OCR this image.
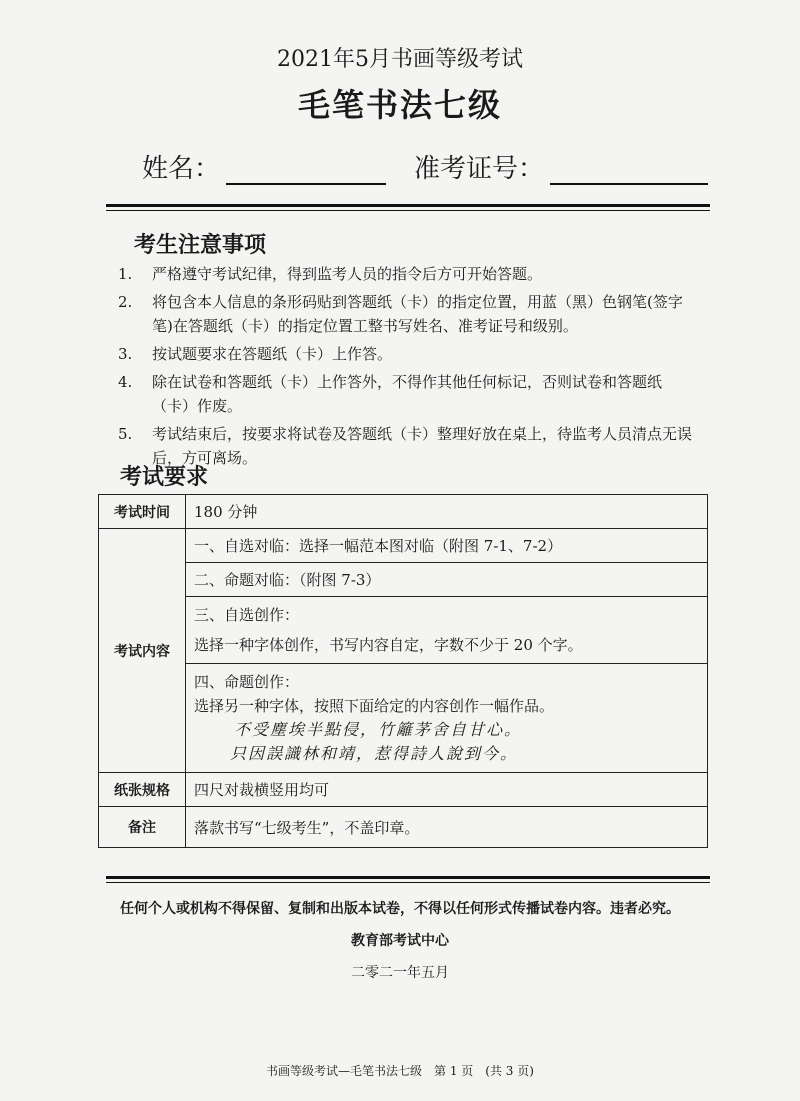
2021年5月书画等级考试
毛笔书法七级
姓名：	准考证号：
考生注意事项
1. 严格遵守考试纪律，得到监考人员的指令后方可开始答题。
2. 将包含本人信息的条形码贴到答题纸（卡）的指定位置，用蓝（黑）色钢笔(签字笔)在答题纸（卡）的指定位置工整书写姓名、准考证号和级别。
3. 按试题要求在答题纸（卡）上作答。
4. 除在试卷和答题纸（卡）上作答外，不得作其他任何标记，否则试卷和答题纸（卡）作废。
5. 考试结束后，按要求将试卷及答题纸（卡）整理好放在桌上，待监考人员清点无误后，方可离场。
考试要求
考试时间	180 分钟
考试内容	一、自选对临：选择一幅范本图对临（附图 7-1、7-2）
	二、命题对临：（附图 7-3）

	三、自选创作：
选择一种字体创作，书写内容自定，字数不少于 20 个字。

	四、命题创作：
选择另一种字体，按照下面给定的内容创作一幅作品。
不受塵埃半點侵，竹籬茅舍自甘心。
只因誤識林和靖，惹得詩人說到今。

纸张规格	四尺对裁横竖用均可
备注	落款书写“七级考生”，不盖印章。
任何个人或机构不得保留、复制和出版本试卷，不得以任何形式传播试卷内容。违者必究。
教育部考试中心
二零二一年五月
书画等级考试—毛笔书法七级　第 1 页　(共 3 页)
